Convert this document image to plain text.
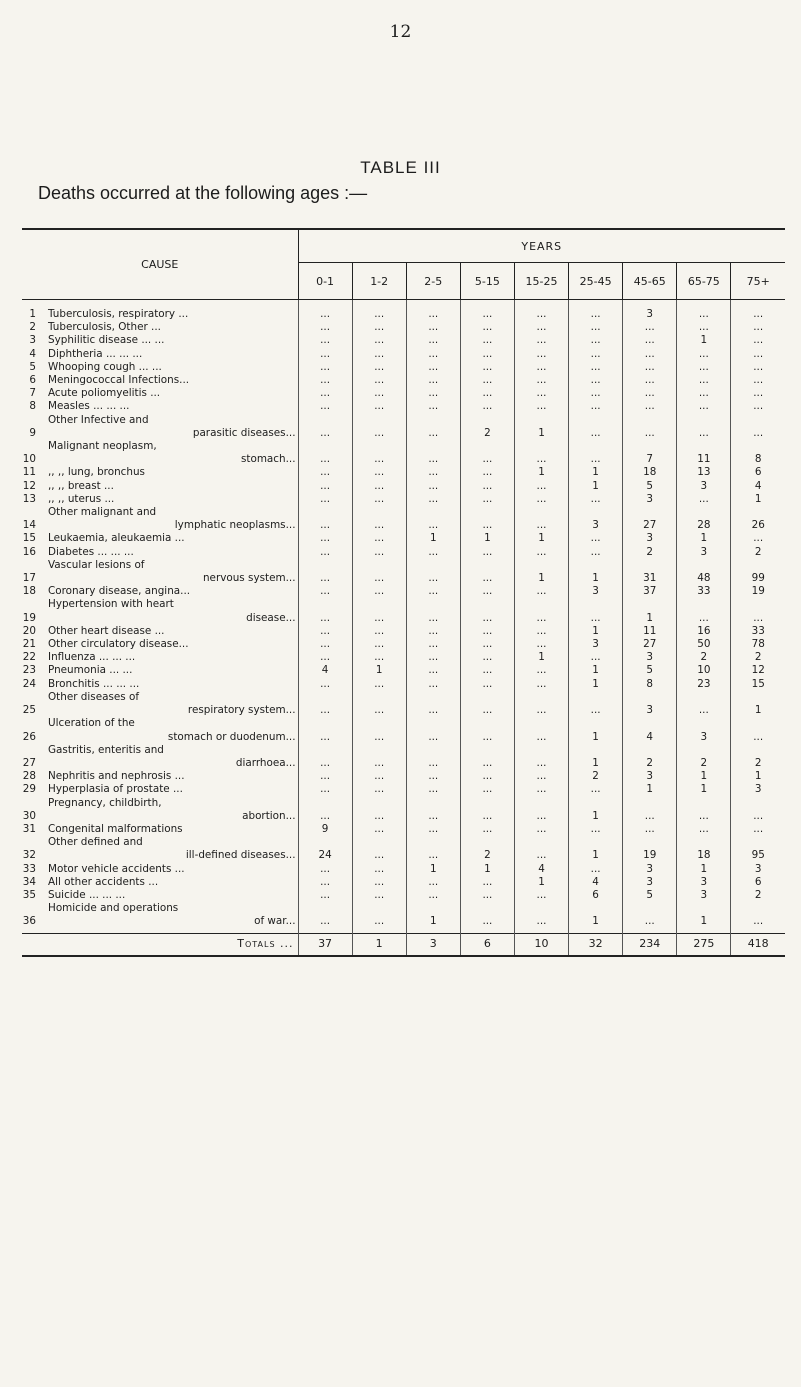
12
TABLE III
Deaths occurred at the following ages :—
CAUSE		YEARS								
		0-1	1-2	2-5	5-15	15-25	25-45	45-65	65-75	75+
1	Tuberculosis, respiratory ...	...	...	...	...	...	...	3	...	...
2	Tuberculosis, Other ...	...	...	...	...	...	...	...	...	...
3	Syphilitic disease ... ...	...	...	...	...	...	...	...	1	...
4	Diphtheria ... ... ...	...	...	...	...	...	...	...	...	...
5	Whooping cough ... ...	...	...	...	...	...	...	...	...	...
6	Meningococcal Infections...	...	...	...	...	...	...	...	...	...
7	Acute poliomyelitis ...	...	...	...	...	...	...	...	...	...
8	Measles ... ... ...	...	...	...	...	...	...	...	...	...
9	Other Infective and
parasitic diseases...	...	...	...	2	1	...	...	...	...
10	Malignant neoplasm,
stomach...	...	...	...	...	...	...	7	11	8
11	,, ,, lung, bronchus	...	...	...	...	1	1	18	13	6
12	,, ,, breast ...	...	...	...	...	...	1	5	3	4
13	,, ,, uterus ...	...	...	...	...	...	...	3	...	1
14	Other malignant and
lymphatic neoplasms...	...	...	...	...	...	3	27	28	26
15	Leukaemia, aleukaemia ...	...	...	1	1	1	...	3	1	...
16	Diabetes ... ... ...	...	...	...	...	...	...	2	3	2
17	Vascular lesions of
nervous system...	...	...	...	...	1	1	31	48	99
18	Coronary disease, angina...	...	...	...	...	...	3	37	33	19
19	Hypertension with heart
disease...	...	...	...	...	...	...	1	...	...
20	Other heart disease ...	...	...	...	...	...	1	11	16	33
21	Other circulatory disease...	...	...	...	...	...	3	27	50	78
22	Influenza ... ... ...	...	...	...	...	1	...	3	2	2
23	Pneumonia ... ...	4	1	...	...	...	1	5	10	12
24	Bronchitis ... ... ...	...	...	...	...	...	1	8	23	15
25	Other diseases of
respiratory system...	...	...	...	...	...	...	3	...	1
26	Ulceration of the
stomach or duodenum...	...	...	...	...	...	1	4	3	...
27	Gastritis, enteritis and
diarrhoea...	...	...	...	...	...	1	2	2	2
28	Nephritis and nephrosis ...	...	...	...	...	...	2	3	1	1
29	Hyperplasia of prostate ...	...	...	...	...	...	...	1	1	3
30	Pregnancy, childbirth,
abortion...	...	...	...	...	...	1	...	...	...
31	Congenital malformations	9	...	...	...	...	...	...	...	...
32	Other defined and
ill-defined diseases...	24	...	...	2	...	1	19	18	95
33	Motor vehicle accidents ...	...	...	1	1	4	...	3	1	3
34	All other accidents ...	...	...	...	...	1	4	3	3	6
35	Suicide ... ... ...	...	...	...	...	...	6	5	3	2
36	Homicide and operations
of war...	...	...	1	...	...	1	...	1	...
Totals ...		37	1	3	6	10	32	234	275	418
